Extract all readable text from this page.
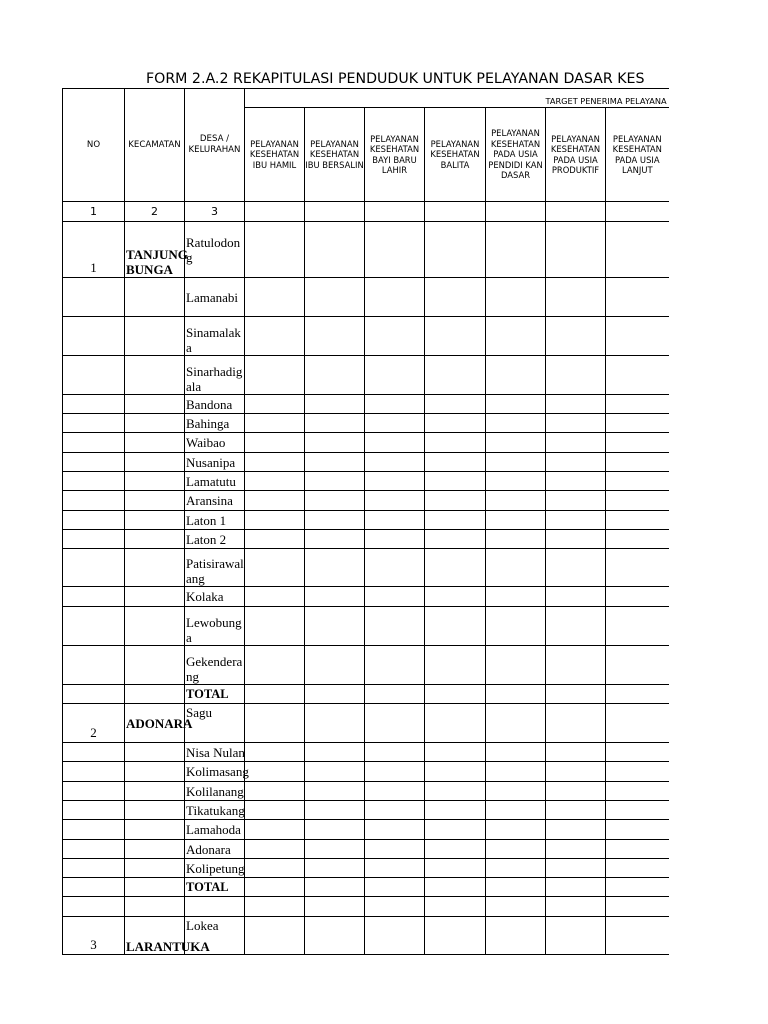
FORM 2.A.2 REKAPITULASI PENDUDUK UNTUK PELAYANAN DASAR KES
NO	KECAMATAN	DESA / KELURAHAN	TARGET PENERIMA PELAYANA						
			PELAYANAN KESEHATAN IBU HAMIL	PELAYANAN KESEHATAN IBU BERSALIN	PELAYANAN KESEHATAN BAYI BARU LAHIR	PELAYANAN KESEHATAN BALITA	PELAYANAN KESEHATAN PADA USIA PENDIDI KAN DASAR	PELAYANAN KESEHATAN PADA USIA PRODUKTIF	PELAYANAN KESEHATAN PADA USIA LANJUT
1	2	3							
1	TANJUNG BUNGA	Ratulodong							
		Lamanabi							
		Sinamalaka							
		Sinarhadigala							
		Bandona							
		Bahinga							
		Waibao							
		Nusanipa							
		Lamatutu							
		Aransina							
		Laton 1							
		Laton 2							
		Patisirawalang							
		Kolaka							
		Lewobunga							
		Gekenderang							
		TOTAL							
2	ADONARA	Sagu							
		Nisa Nulan							
		Kolimasang							
		Kolilanang							
		Tikatukang							
		Lamahoda							
		Adonara							
		Kolipetung							
		TOTAL							

3	LARANTUKA	Lokea							
